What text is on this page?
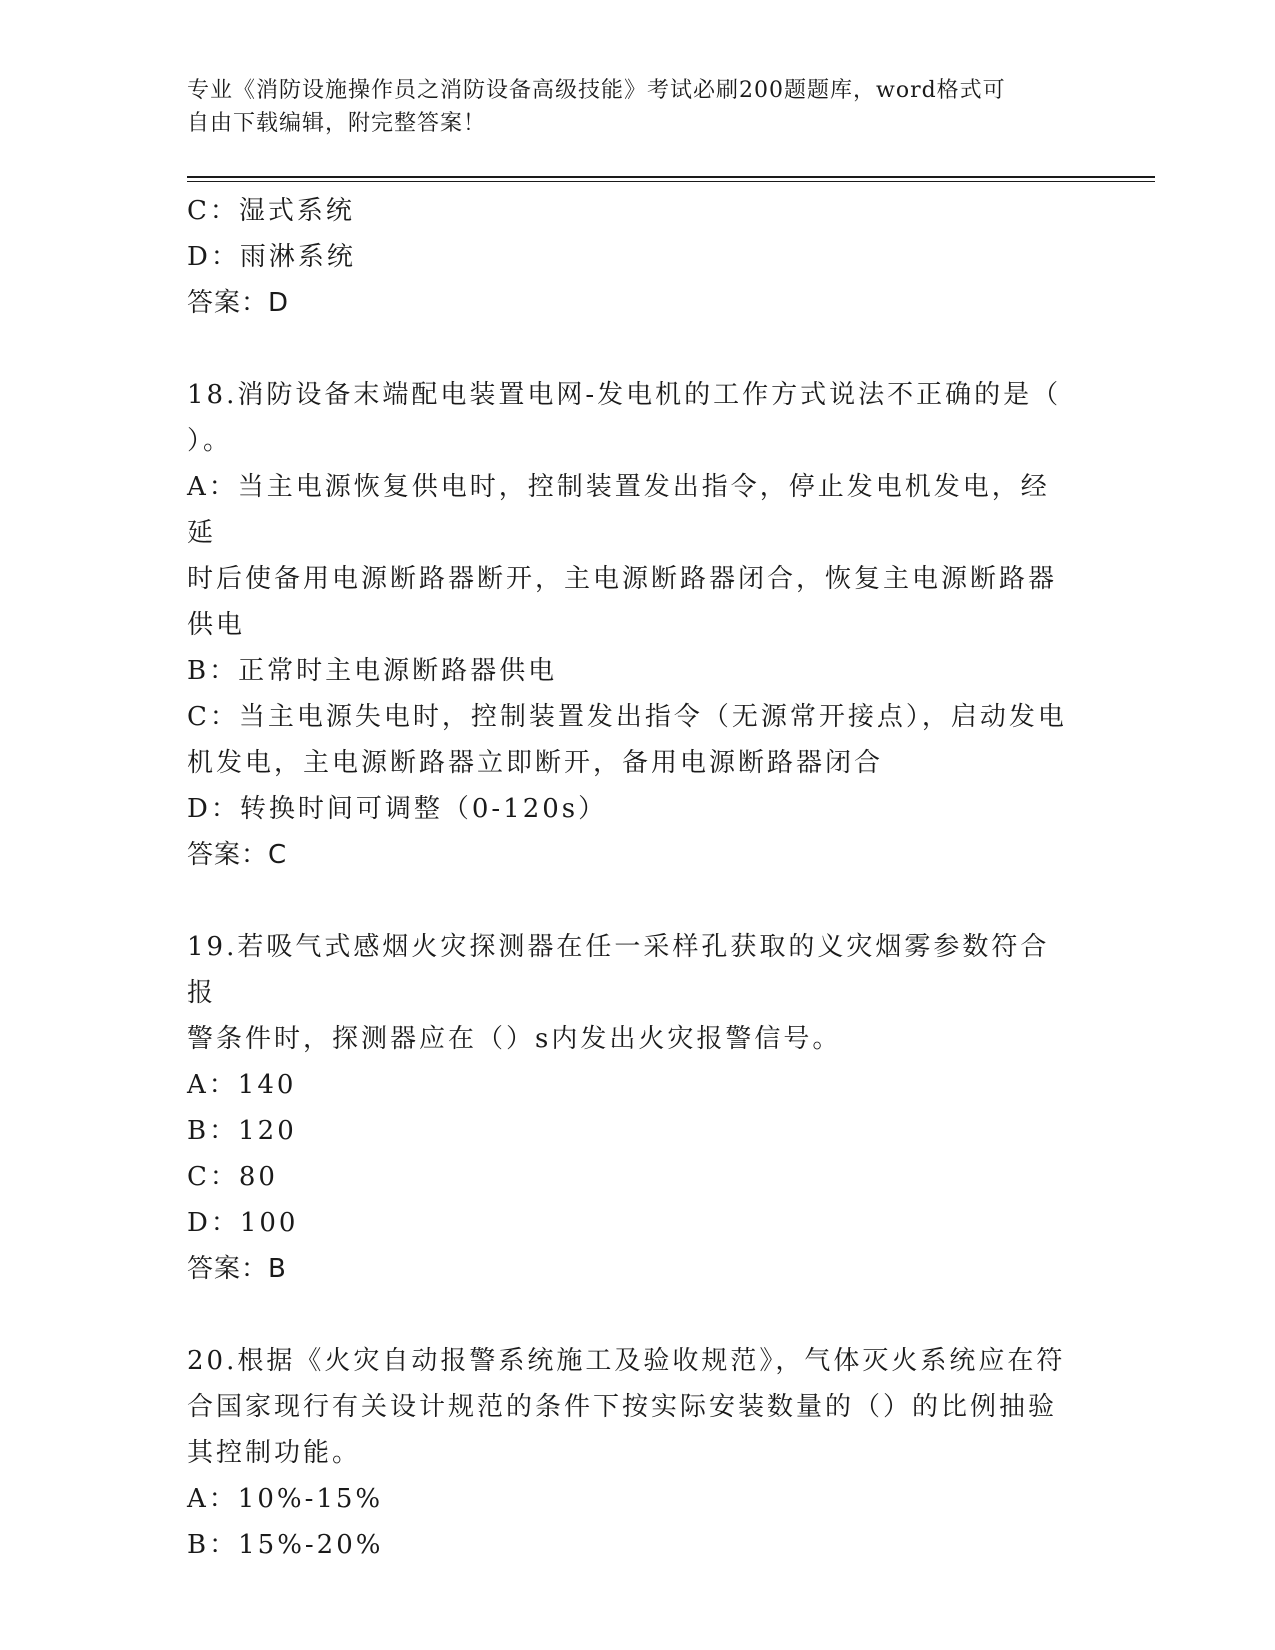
专业《消防设施操作员之消防设备高级技能》考试必刷200题题库，word格式可
自由下载编辑，附完整答案！

C：湿式系统

D：雨淋系统

答案：D

18.消防设备末端配电装置电网-发电机的工作方式说法不正确的是（

）。

A：当主电源恢复供电时，控制装置发出指令，停止发电机发电，经延

时后使备用电源断路器断开，主电源断路器闭合，恢复主电源断路器

供电

B：正常时主电源断路器供电

C：当主电源失电时，控制装置发出指令（无源常开接点），启动发电

机发电，主电源断路器立即断开，备用电源断路器闭合

D：转换时间可调整（0-120s）

答案：C

19.若吸气式感烟火灾探测器在任一采样孔获取的义灾烟雾参数符合报

警条件时，探测器应在（）s内发出火灾报警信号。

A：140

B：120

C：80

D：100

答案：B

20.根据《火灾自动报警系统施工及验收规范》，气体灭火系统应在符

合国家现行有关设计规范的条件下按实际安装数量的（）的比例抽验

其控制功能。

A：10%-15%

B：15%-20%
